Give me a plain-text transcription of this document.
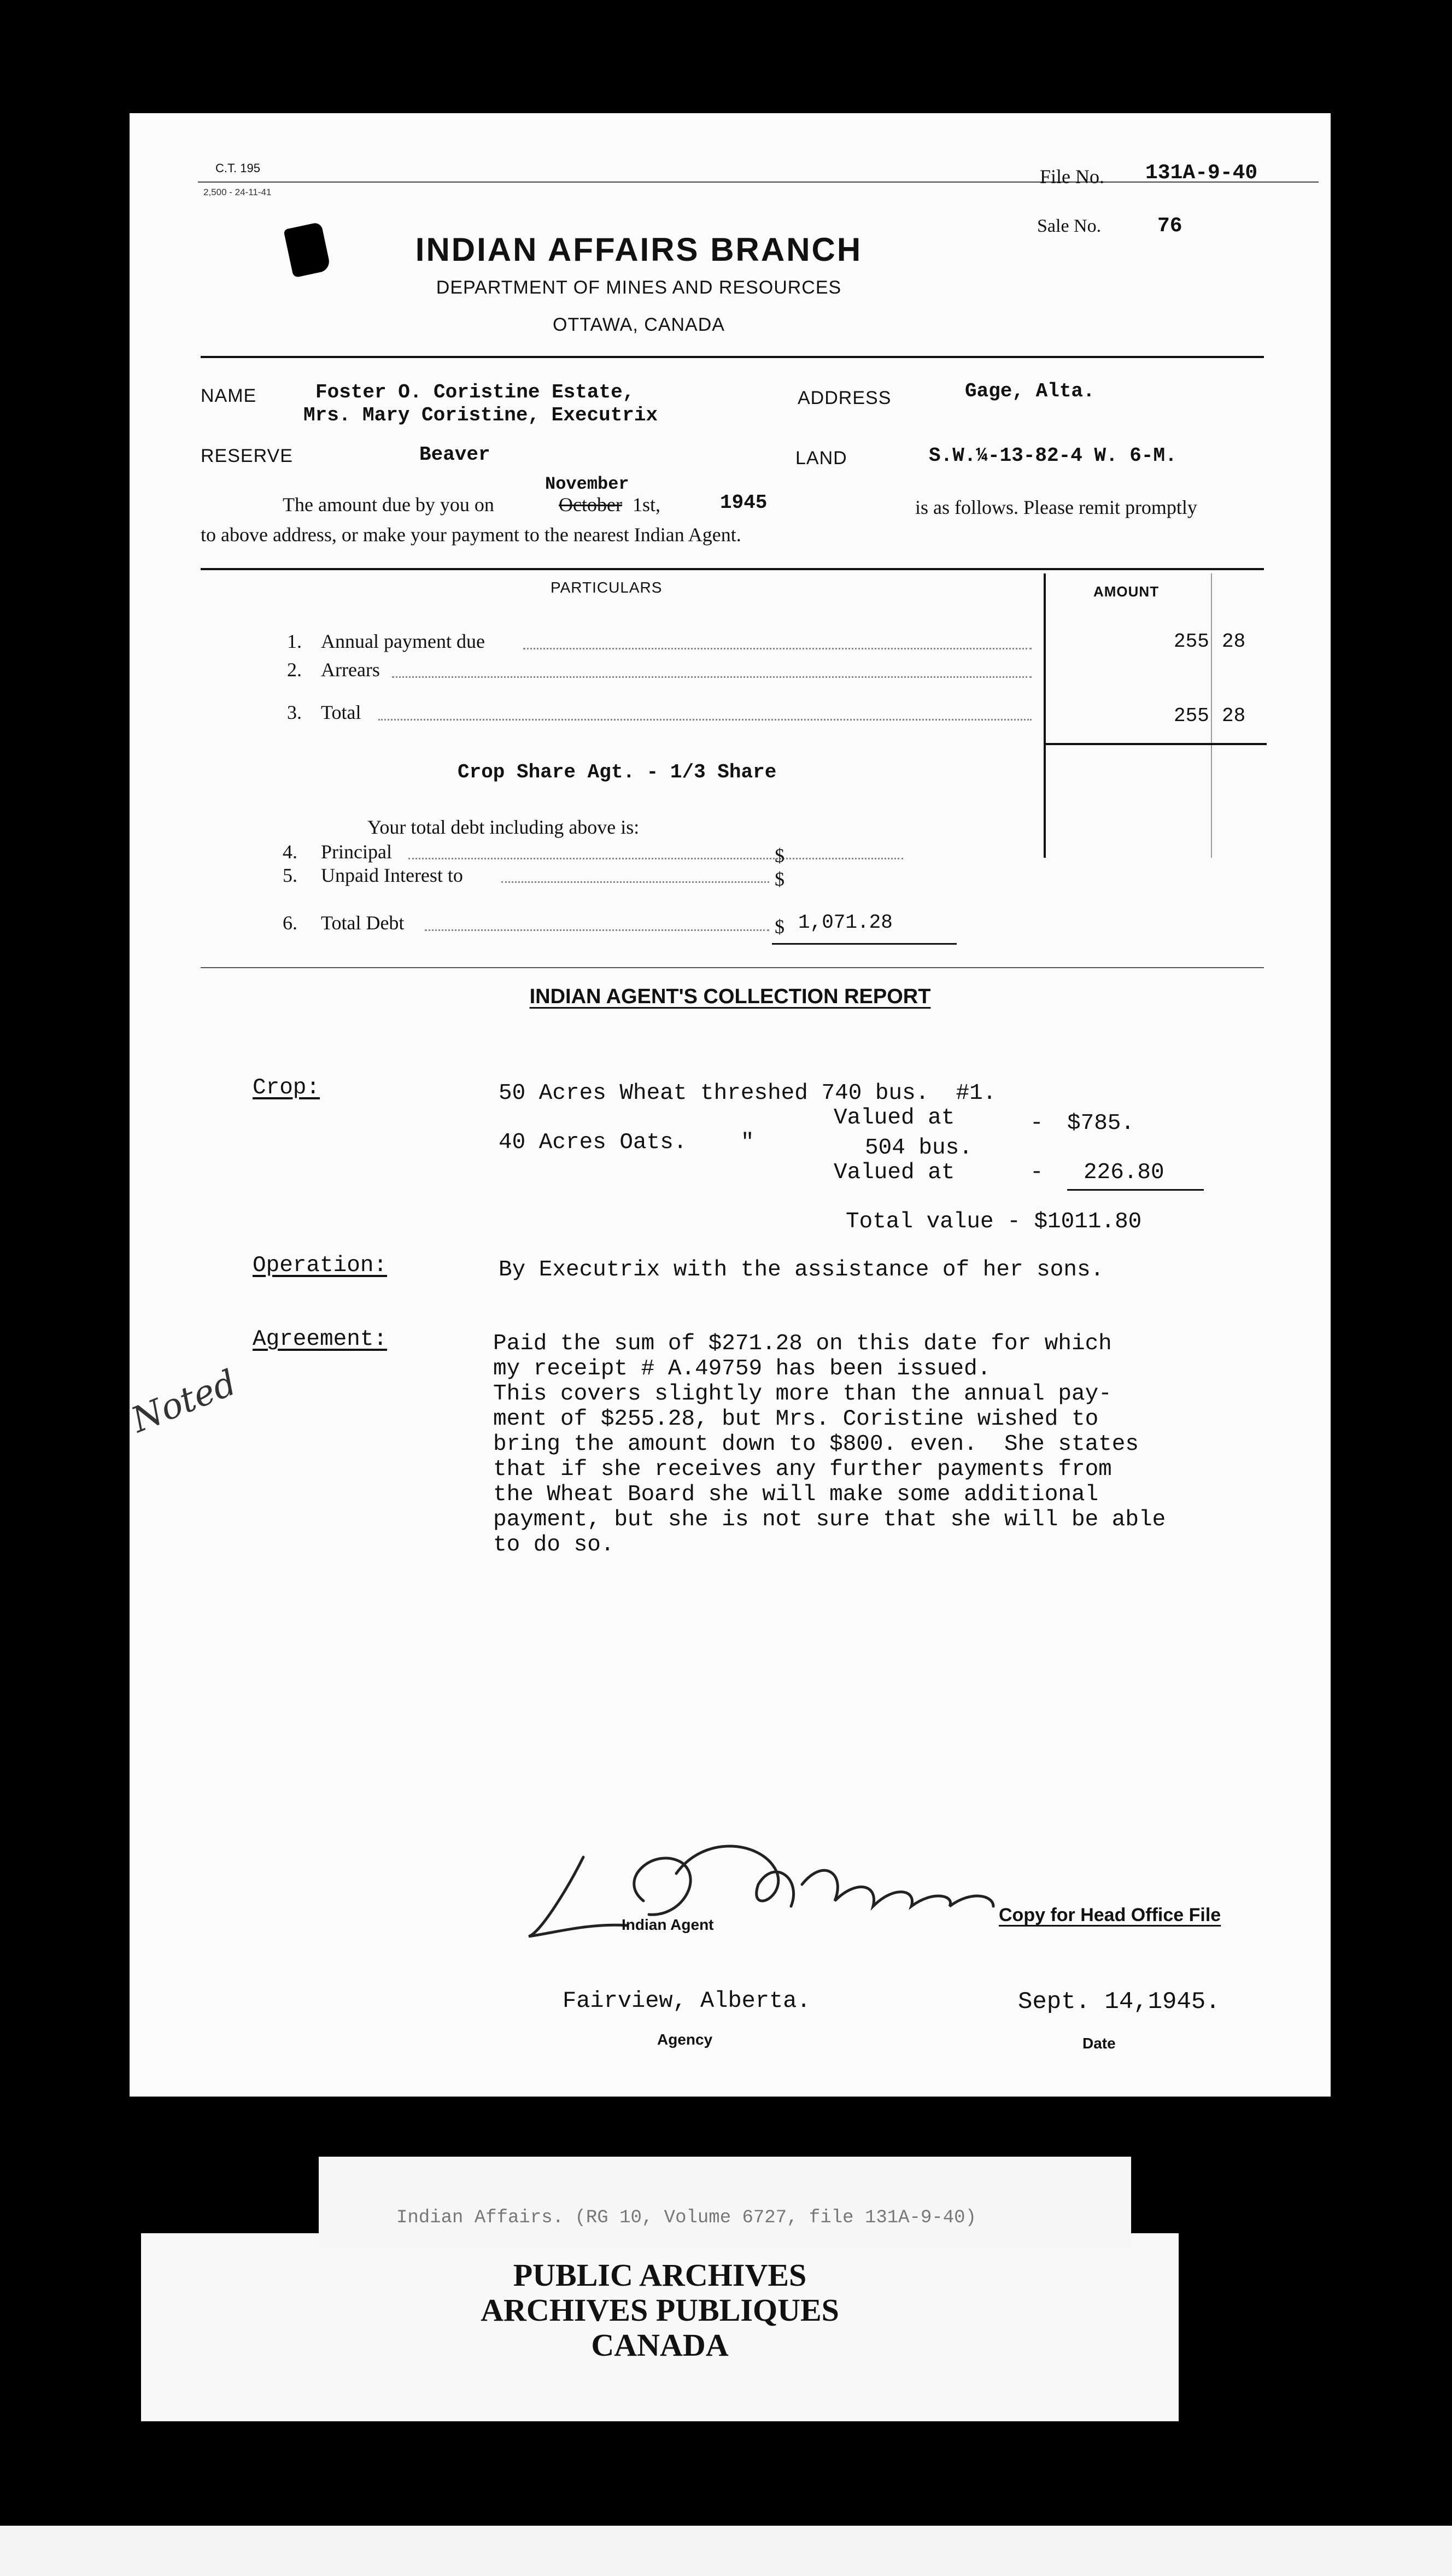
C.T. 195
2,500 - 24-11-41
File No. 131A-9-40
Sale No.	76
INDIAN AFFAIRS BRANCH
DEPARTMENT OF MINES AND RESOURCES
OTTAWA, CANADA
NAME	Foster O. Coristine Estate,
Mrs. Mary Coristine, Executrix
ADDRESS	Gage, Alta.
RESERVE	Beaver	LAND	S.W.¼-13-82-4 W. 6-M.
The amount due by you on
November
October 1st,	1945	is as follows. Please remit promptly
to above address, or make your payment to the nearest Indian Agent.
PARTICULARS	AMOUNT
1. Annual payment due	255 28
2. Arrears
3. Total	255 28
Crop Share Agt. - 1/3 Share
Your total debt including above is:
4. Principal	$
5. Unpaid Interest to	$
6. Total Debt	$ 1,071.28
INDIAN AGENT'S COLLECTION REPORT
Crop:	50 Acres Wheat threshed 740 bus.  #1.
Valued at	- $785.
40 Acres Oats.    "	504 bus.
Valued at	- 226.80
Total value - $1011.80
Operation:	By Executrix with the assistance of her sons.
Agreement:	Paid the sum of $271.28 on this date for which
my receipt # A.49759 has been issued.
This covers slightly more than the annual pay-
ment of $255.28, but Mrs. Coristine wished to
bring the amount down to $800. even.  She states
that if she receives any further payments from
the Wheat Board she will make some additional
payment, but she is not sure that she will be able
to do so.
Noted
Indian Agent	Copy for Head Office File
Fairview, Alberta.
Agency
Sept. 14,1945.
Date
Indian Affairs. (RG 10, Volume 6727, file 131A-9-40)
PUBLIC ARCHIVES
ARCHIVES PUBLIQUES
CANADA
